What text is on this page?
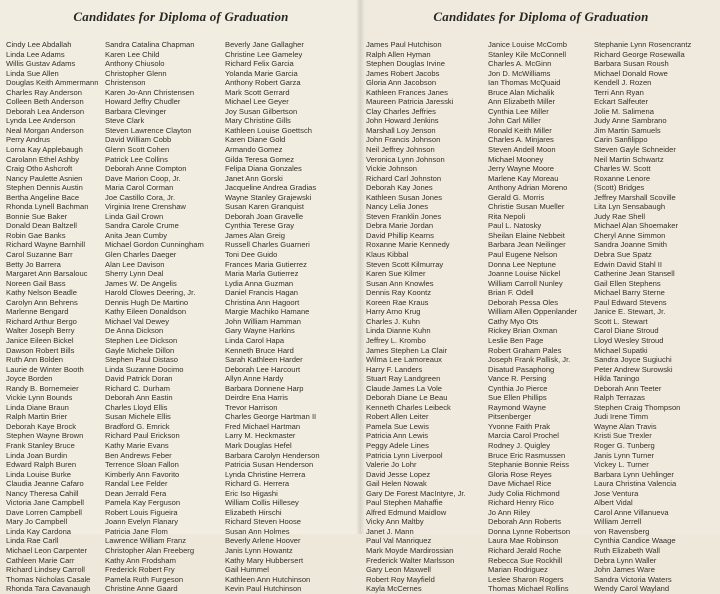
Candidates for Diploma of Graduation
Cindy Lee Abdallah
Linda Lee Adams
Willis Gustav Adams
Linda Sue Allen
Douglas Keith Ammermann
Charles Ray Anderson
Colleen Beth Anderson
Deborah Lea Anderson
Lynda Lee Anderson
Neal Morgan Anderson
Perry Andrus
Lorna Kay Applebaugh
Carolann Ethel Ashby
Craig Otho Ashcroft
Nancy Paulette Asnien
Stephen Dennis Austin
Bertha Angeline Bace
Rhonda Lynell Bachman
Bonnie Sue Baker
Donald Dean Baltzell
Robin Gae Banks
Richard Wayne Barnhill
Carol Suzanne Barr
Betty Jo Barrera
Margaret Ann Barsalouc
Noreen Gail Bass
Kathy Nelson Beadle
Carolyn Ann Behrens
Marlenne Bengard
Richard Arthur Bergo
Walter Joseph Berry
Janice Eileen Bickel
Dawson Robert Bills
Ruth Ann Bolden
Laurie de Winter Booth
Joyce Borden
Randy B. Bornemeier
Vickie Lynn Bounds
Linda Diane Braun
Ralph Martin Brier
Deborah Kaye Brock
Stephen Wayne Brown
Frank Stanley Bruce
Linda Joan Burdin
Edward Ralph Buren
Linda Louise Burke
Claudia Jeanne Cafaro
Nancy Theresa Cahill
Victoria Jane Campbell
Dave Lorren Campbell
Mary Jo Campbell
Linda Kay Cardona
Linda Rae Carll
Michael Leon Carpenter
Cathleen Marie Carr
Richard Lindsey Carroll
Thomas Nicholas Casale
Rhonda Tara Cavanaugh
Sandra Catalina Chapman
Karen Lee Child
Anthony Chiusolo
Christopher Glenn
Christenson
Karen Jo-Ann Christensen
Howard Jeffry Chudler
Barbara Clevinger
Steve Clark
Steven Lawrence Clayton
David William Cobb
Glenn Scott Cohen
Patrick Lee Collins
Deborah Anne Compton
Dave Marion Coop, Jr.
Maria Carol Corman
Joe Castillo Cora, Jr.
Virginia Irene Crenshaw
Linda Gail Crown
Sandra Carole Crume
Anita Jean Cumby
Michael Gordon Cunningham
Glen Charles Daeger
Alan Lee Davison
Sherry Lynn Deal
James W. De Angelis
Harold Clowes Deering, Jr.
Dennis Hugh De Martino
Kathy Eileen Donaldson
Michael Val Dewey
De Anna Dickson
Stephen Lee Dickson
Gayle Michele Dillon
Stephen Paul Distaso
Linda Suzanne Docimo
David Patrick Doran
Richard C. Durham
Deborah Ann Eastin
Charles Lloyd Ellis
Susan Michele Ellis
Bradford G. Emrick
Richard Paul Erickson
Kathy Marie Evans
Ben Andrews Feber
Terrence Sloan Fallon
Kimberly Ann Favorito
Randal Lee Felder
Dean Jerrald Fera
Pamela Kay Ferguson
Robert Louis Figueira
Joann Evelyn Flanary
Patricia Jane Flom
Lawrence William Franz
Christopher Alan Freeberg
Kathy Ann Frodsham
Frederick Robert Fry
Pamela Ruth Furgeson
Christine Anne Gaard
Beverly Jane Gallagher
Christine Lee Gameley
Richard Felix Garcia
Yolanda Marie Garcia
Anthony Robert Garza
Mark Scott Gerrard
Michael Lee Geyer
Joy Susan Gilbertson
Mary Christine Gills
Kathleen Louise Goettsch
Karen Diane Gold
Armando Gomez
Gilda Teresa Gomez
Felipa Diana Gonzales
Janet Ann Gorski
Jacqueline Andrea Gradias
Wayne Stanley Grajewski
Susan Karen Granquist
Deborah Joan Gravelle
Cynthia Terese Gray
James Alan Greig
Russell Charles Guarneri
Toni Dee Guido
Frances Maria Gutierrez
Maria Marla Gutierrez
Lydia Anna Guzman
Daniel Francis Hagan
Christina Ann Hagoort
Margie Machiko Hamane
John William Hamman
Gary Wayne Harkins
Linda Carol Hapa
Kenneth Bruce Hard
Sarah Kathleen Harder
Deborah Lee Harcourt
Allyn Anne Hardy
Barbara Donnene Harp
Deirdre Ena Harris
Trevor Harrison
Charles George Hartman II
Fred Michael Hartman
Larry M. Heckmaster
Mark Douglas Hefel
Barbara Carolyn Henderson
Patricia Susan Henderson
Lynda Christine Herrera
Richard G. Herrera
Eric Iso Higashi
William Collis Hillesey
Elizabeth Hirschi
Richard Steven Hoose
Susan Ann Holmes
Beverly Arlene Hoover
Janis Lynn Howantz
Kathy Mary Hubbersert
Gail Hummel
Kathleen Ann Hutchinson
Kevin Paul Hutchinson
Candidates for Diploma of Graduation
James Paul Hutchison
Ralph Allen Hyman
Stephen Douglas Irvine
James Robert Jacobs
Gloria Ann Jacobson
Kathleen Frances Janes
Maureen Patricia Jaresski
Clay Charles Jeffries
John Howard Jenkins
Marshall Loy Jenson
John Francis Johnson
Neil Jeffrey Johnson
Veronica Lynn Johnson
Vickie Johnson
Richard Carl Johnston
Deborah Kay Jones
Kathleen Susan Jones
Nancy Lelia Jones
Steven Franklin Jones
Debra Marie Jordan
David Phillip Kearns
Roxanne Marie Kennedy
Klaus Kibbal
Steven Scott Kilmurray
Karen Sue Kilmer
Susan Ann Knowles
Dennis Ray Koontz
Koreen Rae Kraus
Harry Arno Krug
Charles J. Kuhn
Linda Dianne Kuhn
Jeffrey L. Krombo
James Stephen La Clair
Wilma Lee Lamoreaux
Harry F. Landers
Stuart Ray Landgreen
Claude James La Vole
Deborah Diane Le Beau
Kenneth Charles Leibeck
Robert Allen Leiter
Pamela Sue Lewis
Patricia Ann Lewis
Peggy Adele Lines
Patricia Lynn Liverpool
Valerie Jo Lohr
David Jesse Lopez
Gail Helen Nowak
Gary De Forest MacIntyre, Jr.
Paul Stephen Mahaffie
Alfred Edmund Maidlow
Vicky Ann Maltby
Janet J. Mann
Paul Val Manriquez
Mark Moyde Mardirossian
Frederick Walter Marlsson
Gary Leon Maxwell
Robert Roy Mayfield
Kayla McCernes
Janice Louise McComb
Stanley Kile McConnell
Charles A. McGinn
Jon D. McWilliams
Ian Thomas McQuaid
Bruce Alan Michalik
Ann Elizabeth Miller
Cynthia Lee Miller
John Carl Miller
Ronald Keith Miller
Charles A. Minjares
Steven Andell Moon
Michael Mooney
Jerry Wayne Moore
Marlene Kay Moreau
Anthony Adrian Moreno
Gerald G. Morris
Christie Susan Mueller
Rita Nepoli
Paul L. Natosky
Sheilan Elaine Nebbeit
Barbara Jean Neilinger
Paul Eugene Nelson
Donna Lee Neptune
Joanne Louise Nickel
William Carroll Nunley
Brian F. Odell
Deborah Pessa Oles
William Allen Oppenlander
Cathy Myo Ots
Rickey Brian Oxman
Leslie Ben Page
Robert Graham Pales
Joseph Frank Pallisk, Jr.
Disatud Pasaphong
Vance R. Persing
Cynthia Jo Pierce
Sue Ellen Phillips
Raymond Wayne
Pitsenberger
Yvonne Faith Prak
Marcia Carol Prochel
Rodney J. Quigley
Bruce Eric Rasmussen
Stephanie Bonnie Reiss
Gloria Rose Reyes
Dave Michael Rice
Judy Colia Richmond
Richard Henry Rico
Jo Ann Riley
Deborah Ann Roberts
Donna Lynne Robertson
Laura Mae Robinson
Richard Jerald Roche
Rebecca Sue Rockhill
Marian Rodriguez
Leslee Sharon Rogers
Thomas Michael Rollins
Stephanie Lynn Rosencrantz
Richard George Rosewalla
Barbara Susan Roush
Michael Donald Rowe
Kendell J. Rozen
Terri Ann Ryan
Eckart Salfeuter
Jolie M. Salimena
Judy Anne Sambrano
Jim Martin Samuels
Carin Sanfilippo
Steven Gayle Schneider
Neil Martin Schwartz
Charles W. Scott
Roxanne Lenore
(Scott) Bridges
Jeffrey Marshall Scoville
Lita Lyn Sensabaugh
Judy Rae Shell
Michael Alan Shoemaker
Cheryl Anne Simmon
Sandra Joanne Smith
Debra Sue Spatz
Edwin David Stahl II
Catherine Jean Stansell
Gail Ellen Stephens
Michael Barry Sterne
Paul Edward Stevens
Janice E. Stewart, Jr.
Scott L. Stewart
Carol Diane Stroud
Lloyd Wesley Stroud
Michael Supatki
Sandra Joyce Sugiuchi
Peter Andrew Surowski
Hikla Taningo
Deborah Ann Teeter
Ralph Terrazas
Stephen Craig Thompson
Judi Irene Timm
Wayne Alan Travis
Kristi Sue Trexler
Roger G. Tunberg
Janis Lynn Turner
Vickey L. Turner
Barbara Lynn Uehlinger
Laura Christina Valencia
Jose Ventura
Albert Vidal
Carol Anne Villanueva
William Jerrell
von Ravensberg
Cynthia Candice Waage
Ruth Elizabeth Wall
Debra Lynn Waller
John James Ware
Sandra Victoria Waters
Wendy Carol Wayland
